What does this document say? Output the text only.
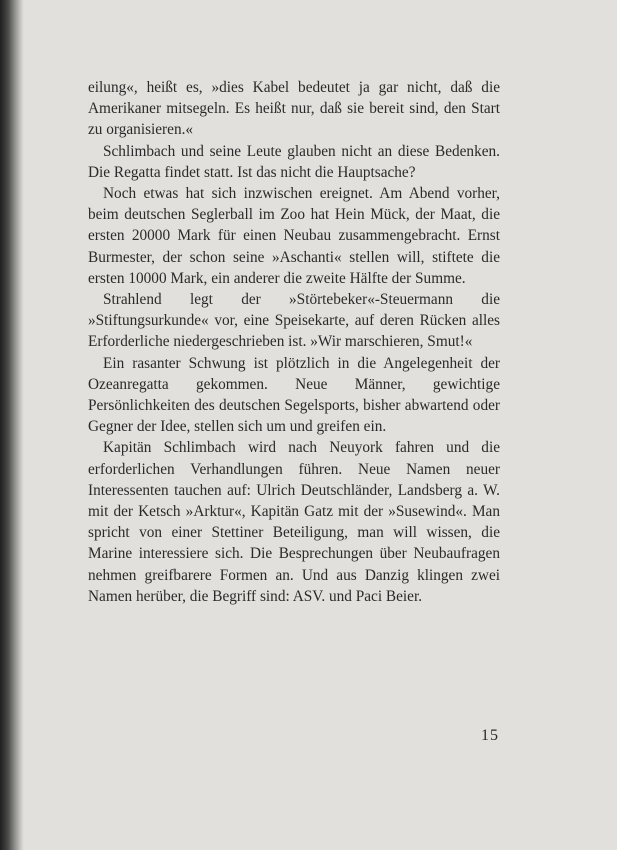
eilung«, heißt es, »dies Kabel bedeutet ja gar nicht, daß die Amerikaner mitsegeln. Es heißt nur, daß sie bereit sind, den Start zu organisieren.«

Schlimbach und seine Leute glauben nicht an diese Bedenken. Die Regatta findet statt. Ist das nicht die Hauptsache?

Noch etwas hat sich inzwischen ereignet. Am Abend vorher, beim deutschen Seglerball im Zoo hat Hein Mück, der Maat, die ersten 20000 Mark für einen Neubau zusammengebracht. Ernst Burmester, der schon seine »Aschanti« stellen will, stiftete die ersten 10000 Mark, ein anderer die zweite Hälfte der Summe.

Strahlend legt der »Störtebeker«-Steuermann die »Stiftungsurkunde« vor, eine Speisekarte, auf deren Rücken alles Erforderliche niedergeschrieben ist. »Wir marschieren, Smut!«

Ein rasanter Schwung ist plötzlich in die Angelegenheit der Ozeanregatta gekommen. Neue Männer, gewichtige Persönlichkeiten des deutschen Segelsports, bisher abwartend oder Gegner der Idee, stellen sich um und greifen ein.

Kapitän Schlimbach wird nach Neuyork fahren und die erforderlichen Verhandlungen führen. Neue Namen neuer Interessenten tauchen auf: Ulrich Deutschländer, Landsberg a. W. mit der Ketsch »Arktur«, Kapitän Gatz mit der »Susewind«. Man spricht von einer Stettiner Beteiligung, man will wissen, die Marine interessiere sich. Die Besprechungen über Neubaufragen nehmen greifbarere Formen an. Und aus Danzig klingen zwei Namen herüber, die Begriff sind: ASV. und Paci Beier.

15
